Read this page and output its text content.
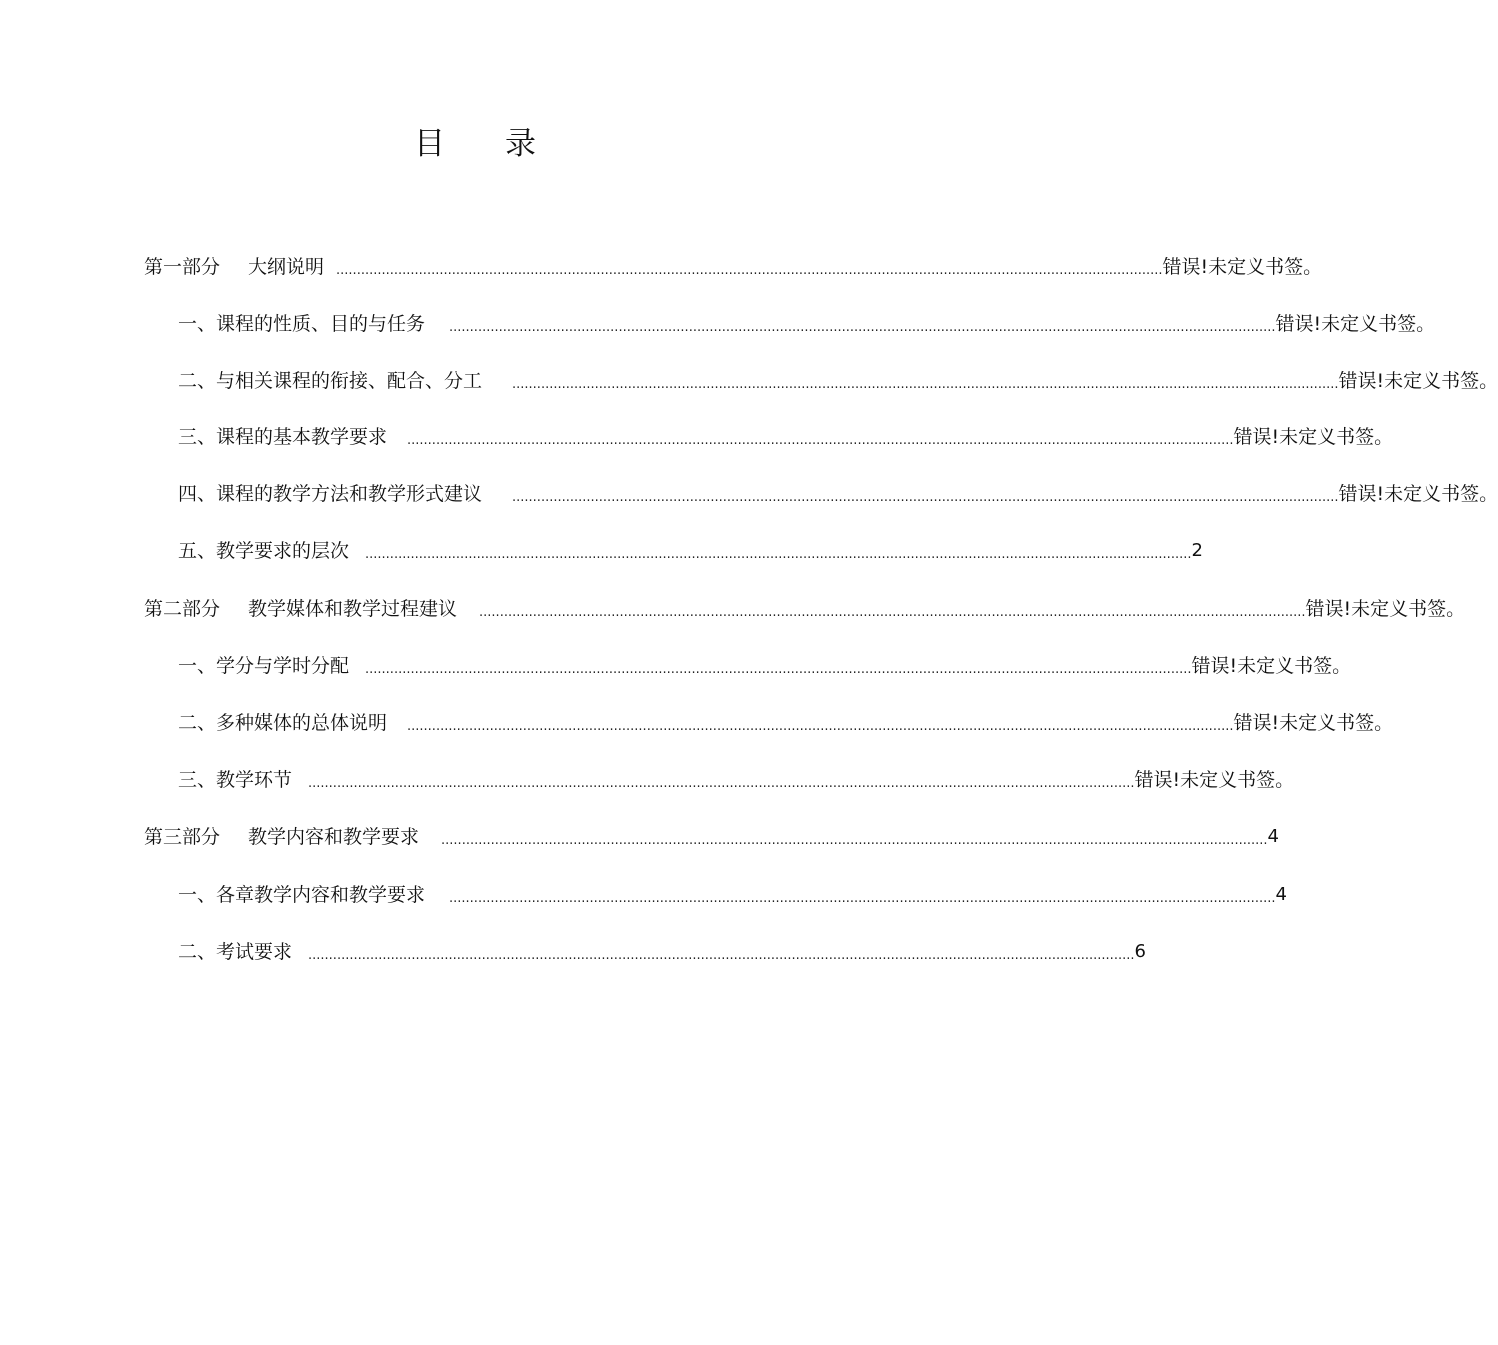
目 录
第一部分 大纲说明 ........................................................................................................................................................................................................ 错误!未定义书签。
一、课程的性质、目的与任务 ........................................................................................................................................................................................................ 错误!未定义书签。
二、与相关课程的衔接、配合、分工 ........................................................................................................................................................................................................ 错误!未定义书签。
三、课程的基本教学要求 ........................................................................................................................................................................................................ 错误!未定义书签。
四、课程的教学方法和教学形式建议 ........................................................................................................................................................................................................ 错误!未定义书签。
五、教学要求的层次 ........................................................................................................................................................................................................ 2
第二部分 教学媒体和教学过程建议 ........................................................................................................................................................................................................ 错误!未定义书签。
一、学分与学时分配 ........................................................................................................................................................................................................ 错误!未定义书签。
二、多种媒体的总体说明 ........................................................................................................................................................................................................ 错误!未定义书签。
三、教学环节 ........................................................................................................................................................................................................ 错误!未定义书签。
第三部分 教学内容和教学要求 ........................................................................................................................................................................................................ 4
一、各章教学内容和教学要求 ........................................................................................................................................................................................................ 4
二、考试要求 ........................................................................................................................................................................................................ 6
